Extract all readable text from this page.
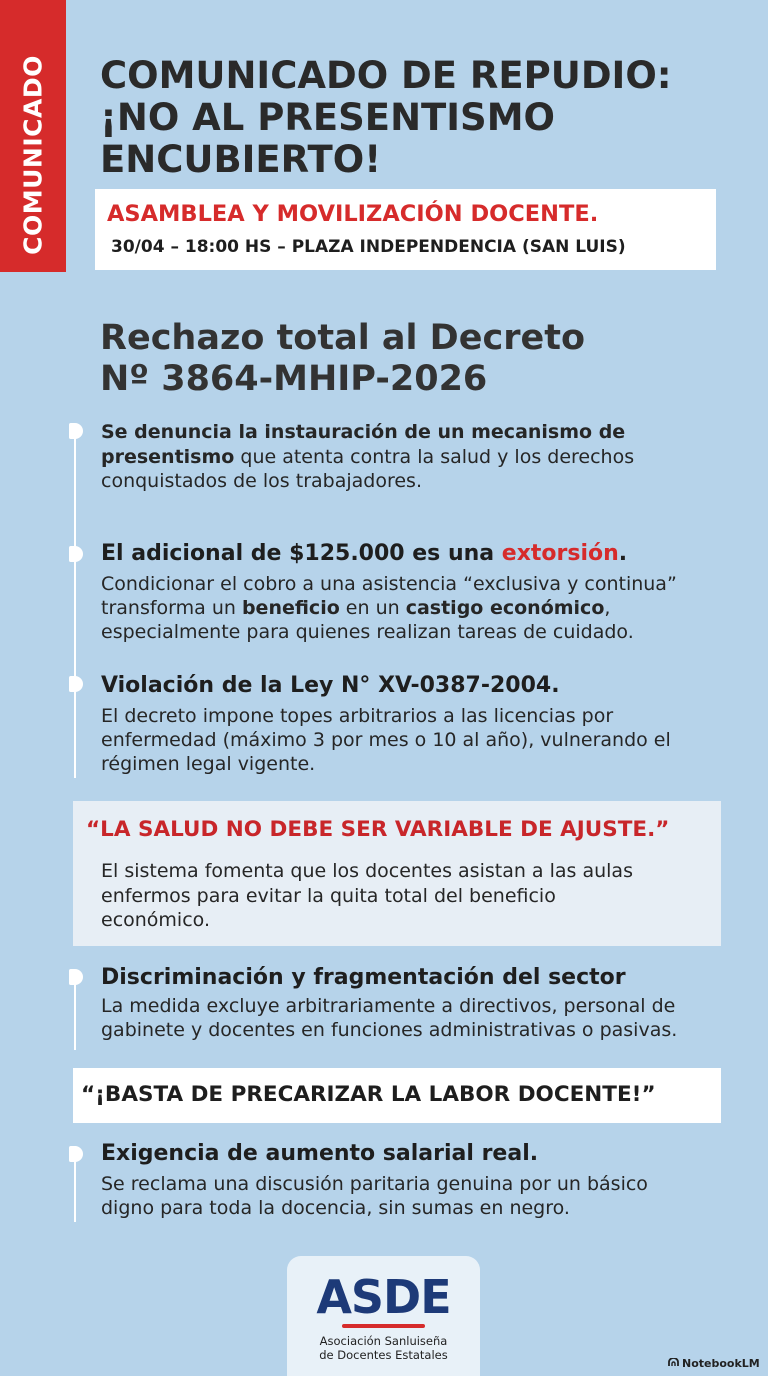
COMUNICADO COMUNICADO DE REPUDIO:
¡NO AL PRESENTISMO
ENCUBIERTO!
ASAMBLEA Y MOVILIZACIÓN DOCENTE.
30/04 – 18:00 HS – PLAZA INDEPENDENCIA (SAN LUIS)
Rechazo total al Decreto
Nº 3864-MHIP-2026
Se denuncia la instauración de un mecanismo de
presentismo que atenta contra la salud y los derechos
conquistados de los trabajadores.
El adicional de $125.000 es una extorsión.
Condicionar el cobro a una asistencia “exclusiva y continua”
transforma un beneficio en un castigo económico,
especialmente para quienes realizan tareas de cuidado.
Violación de la Ley N° XV-0387-2004.
El decreto impone topes arbitrarios a las licencias por
enfermedad (máximo 3 por mes o 10 al año), vulnerando el
régimen legal vigente.
“LA SALUD NO DEBE SER VARIABLE DE AJUSTE.”
El sistema fomenta que los docentes asistan a las aulas
enfermos para evitar la quita total del beneficio
económico.
Discriminación y fragmentación del sector
La medida excluye arbitrariamente a directivos, personal de
gabinete y docentes en funciones administrativas o pasivas.
“¡BASTA DE PRECARIZAR LA LABOR DOCENTE!”
Exigencia de aumento salarial real.
Se reclama una discusión paritaria genuina por un básico
digno para toda la docencia, sin sumas en negro.
ASDE
Asociación Sanluiseña
de Docentes Estatales
NotebookLM
